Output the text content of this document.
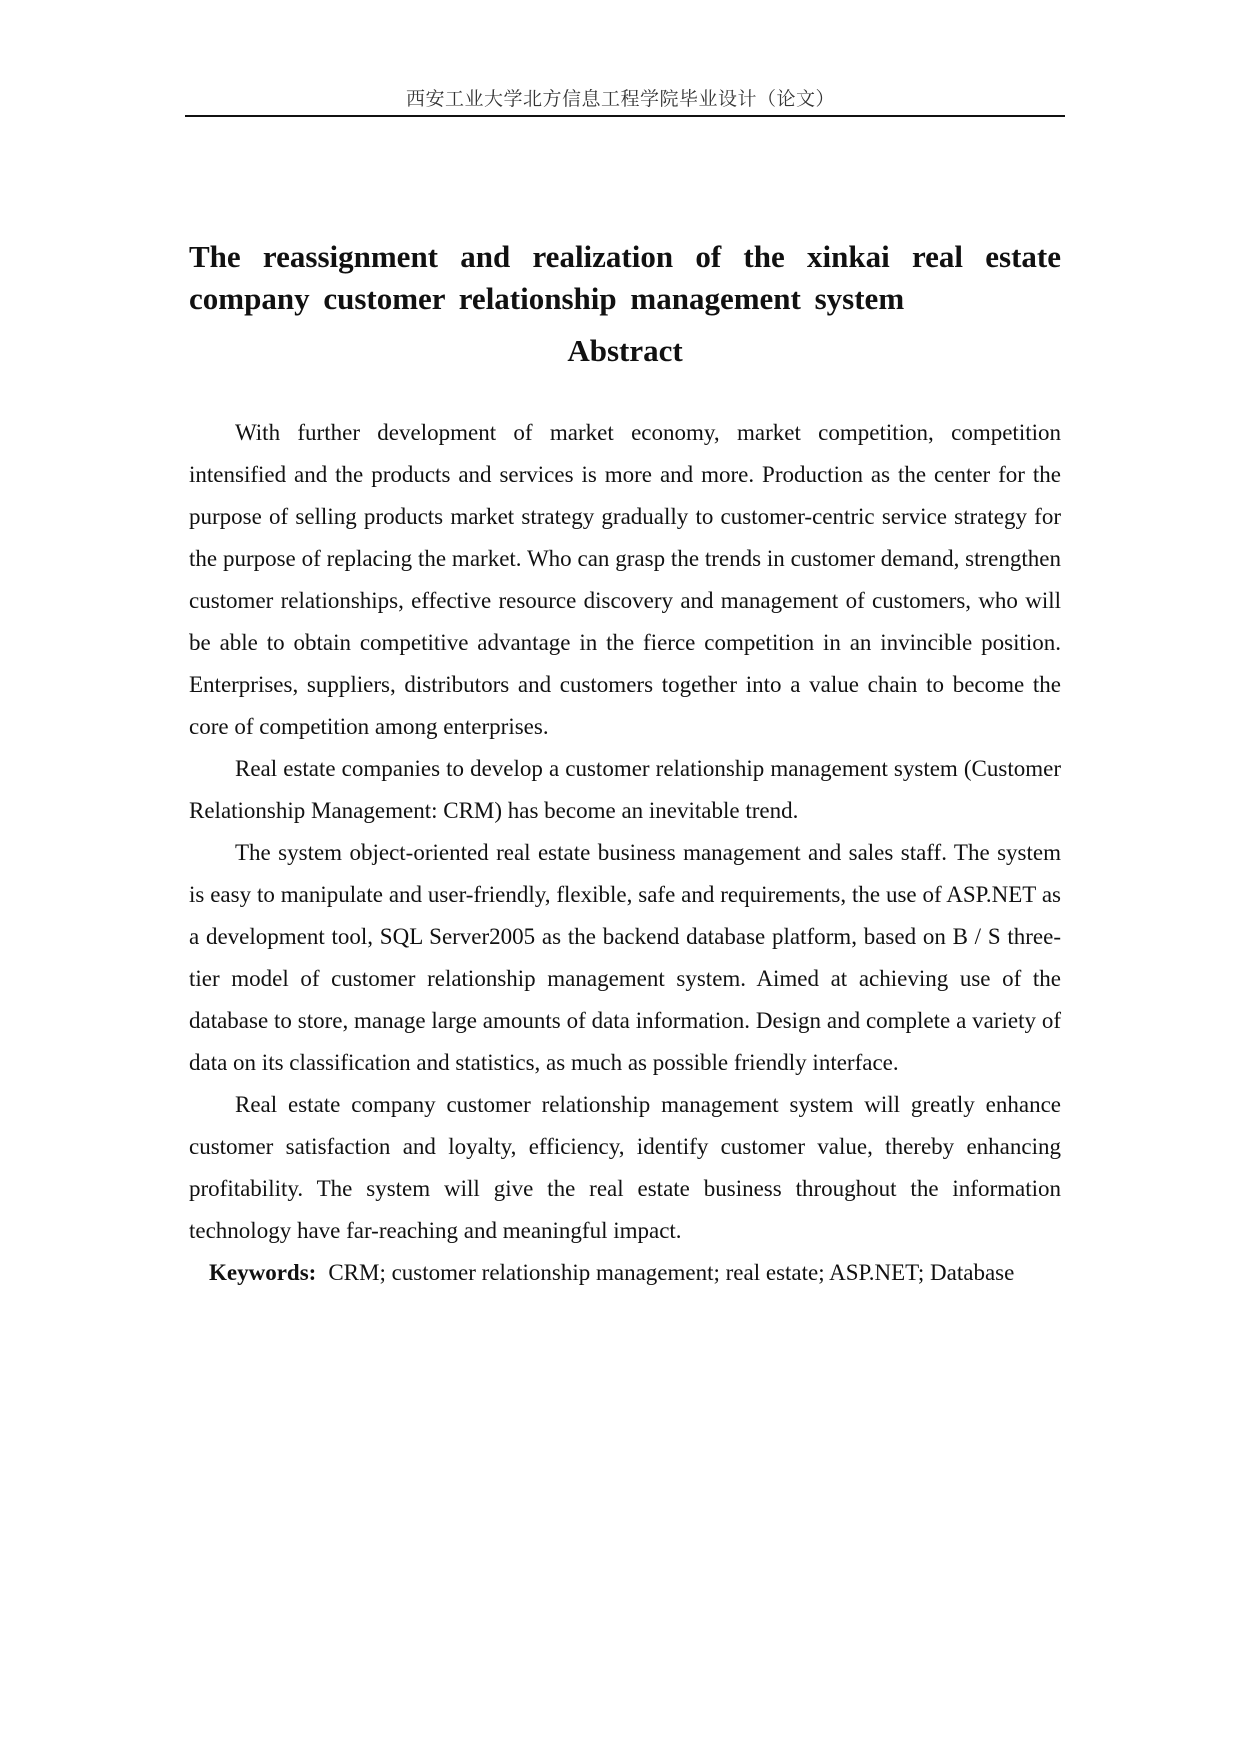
西安工业大学北方信息工程学院毕业设计（论文）
The reassignment and realization of the xinkai real estate company customer relationship management system
Abstract

With further development of market economy, market competition, competition intensified and the products and services is more and more. Production as the center for the purpose of selling products market strategy gradually to customer-centric service strategy for the purpose of replacing the market. Who can grasp the trends in customer demand, strengthen customer relationships, effective resource discovery and management of customers, who will be able to obtain competitive advantage in the fierce competition in an invincible position. Enterprises, suppliers, distributors and customers together into a value chain to become the core of competition among enterprises.

Real estate companies to develop a customer relationship management system (Customer Relationship Management: CRM) has become an inevitable trend.

The system object-oriented real estate business management and sales staff. The system is easy to manipulate and user-friendly, flexible, safe and requirements, the use of ASP.NET as a development tool, SQL Server2005 as the backend database platform, based on B / S three-tier model of customer relationship management system. Aimed at achieving use of the database to store, manage large amounts of data information. Design and complete a variety of data on its classification and statistics, as much as possible friendly interface.

Real estate company customer relationship management system will greatly enhance customer satisfaction and loyalty, efficiency, identify customer value, thereby enhancing profitability. The system will give the real estate business throughout the information technology have far-reaching and meaningful impact.

Keywords: CRM; customer relationship management; real estate; ASP.NET; Database
